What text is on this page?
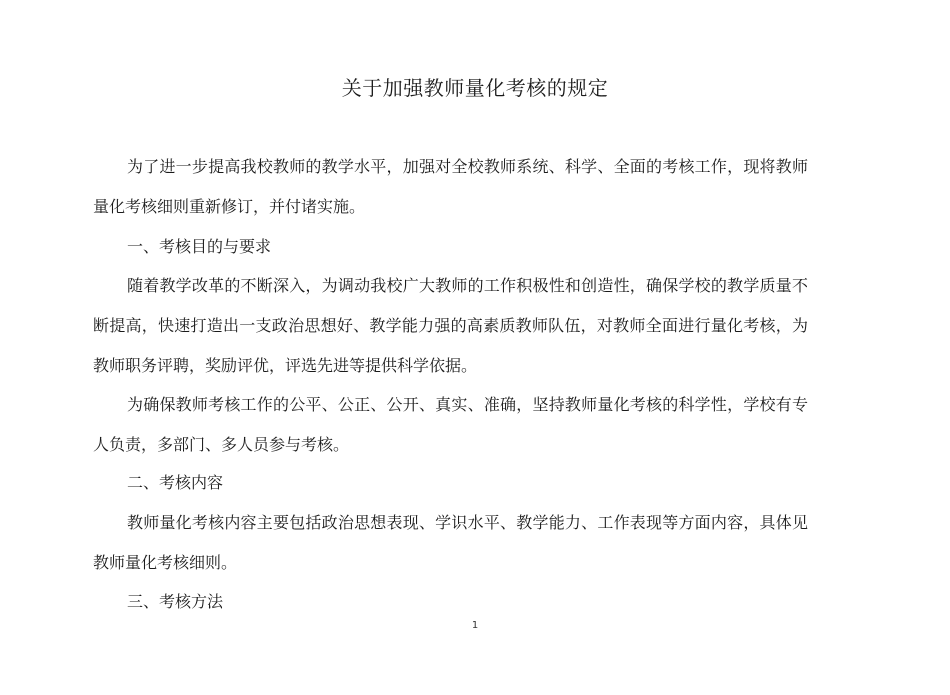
关于加强教师量化考核的规定

为了进一步提高我校教师的教学水平，加强对全校教师系统、科学、全面的考核工作，现将教师量化考核细则重新修订，并付诸实施。

一、考核目的与要求

随着教学改革的不断深入，为调动我校广大教师的工作积极性和创造性，确保学校的教学质量不断提高，快速打造出一支政治思想好、教学能力强的高素质教师队伍，对教师全面进行量化考核，为教师职务评聘，奖励评优，评选先进等提供科学依据。

为确保教师考核工作的公平、公正、公开、真实、准确，坚持教师量化考核的科学性，学校有专人负责，多部门、多人员参与考核。

二、考核内容

教师量化考核内容主要包括政治思想表现、学识水平、教学能力、工作表现等方面内容，具体见教师量化考核细则。

三、考核方法

1
